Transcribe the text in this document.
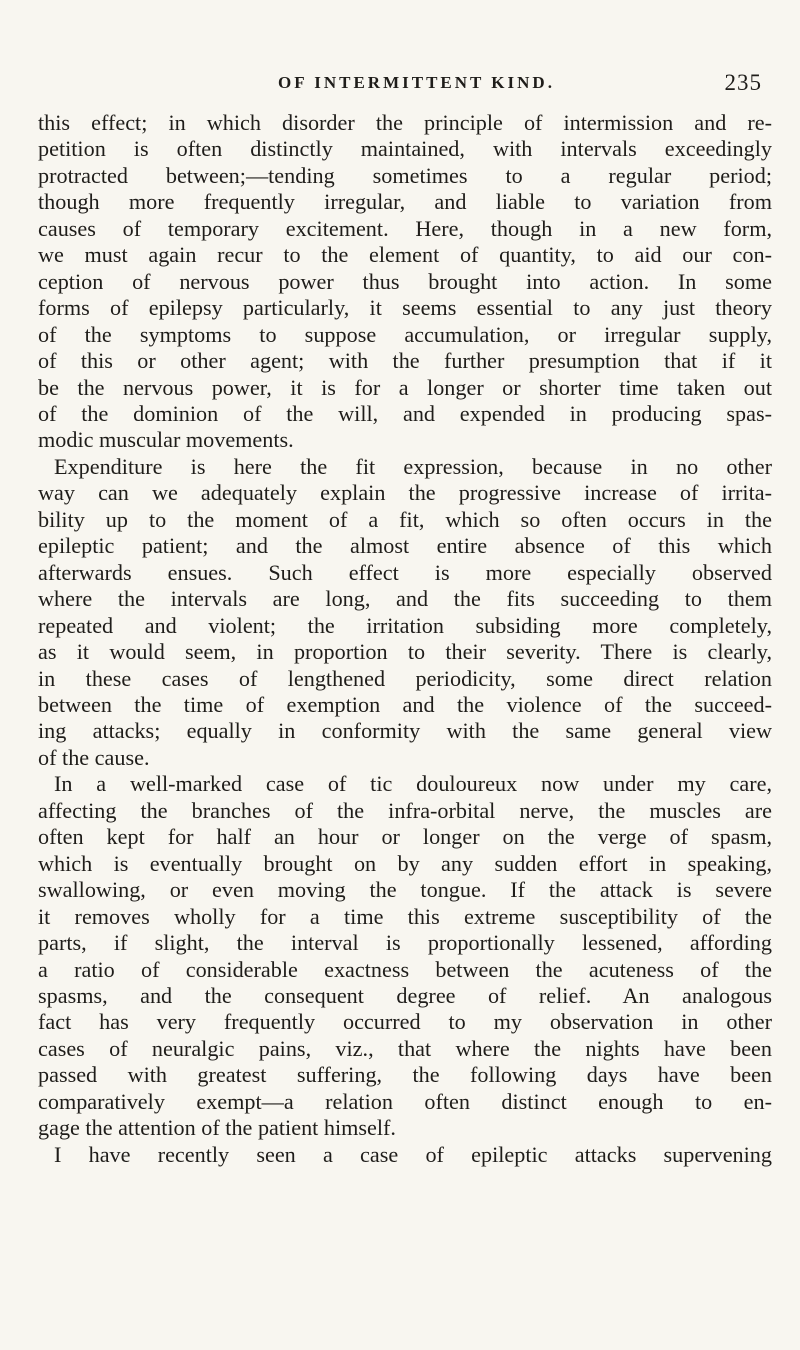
OF INTERMITTENT KIND.	235
this effect; in which disorder the principle of intermission and re-
petition is often distinctly maintained, with intervals exceedingly
protracted between;—tending sometimes to a regular period;
though more frequently irregular, and liable to variation from
causes of temporary excitement. Here, though in a new form,
we must again recur to the element of quantity, to aid our con-
ception of nervous power thus brought into action. In some
forms of epilepsy particularly, it seems essential to any just theory
of the symptoms to suppose accumulation, or irregular supply,
of this or other agent; with the further presumption that if it
be the nervous power, it is for a longer or shorter time taken out
of the dominion of the will, and expended in producing spas-
modic muscular movements.
Expenditure is here the fit expression, because in no other
way can we adequately explain the progressive increase of irrita-
bility up to the moment of a fit, which so often occurs in the
epileptic patient; and the almost entire absence of this which
afterwards ensues. Such effect is more especially observed
where the intervals are long, and the fits succeeding to them
repeated and violent; the irritation subsiding more completely,
as it would seem, in proportion to their severity. There is clearly,
in these cases of lengthened periodicity, some direct relation
between the time of exemption and the violence of the succeed-
ing attacks; equally in conformity with the same general view
of the cause.
In a well-marked case of tic douloureux now under my care,
affecting the branches of the infra-orbital nerve, the muscles are
often kept for half an hour or longer on the verge of spasm,
which is eventually brought on by any sudden effort in speaking,
swallowing, or even moving the tongue. If the attack is severe
it removes wholly for a time this extreme susceptibility of the
parts, if slight, the interval is proportionally lessened, affording
a ratio of considerable exactness between the acuteness of the
spasms, and the consequent degree of relief. An analogous
fact has very frequently occurred to my observation in other
cases of neuralgic pains, viz., that where the nights have been
passed with greatest suffering, the following days have been
comparatively exempt—a relation often distinct enough to en-
gage the attention of the patient himself.
I have recently seen a case of epileptic attacks supervening
